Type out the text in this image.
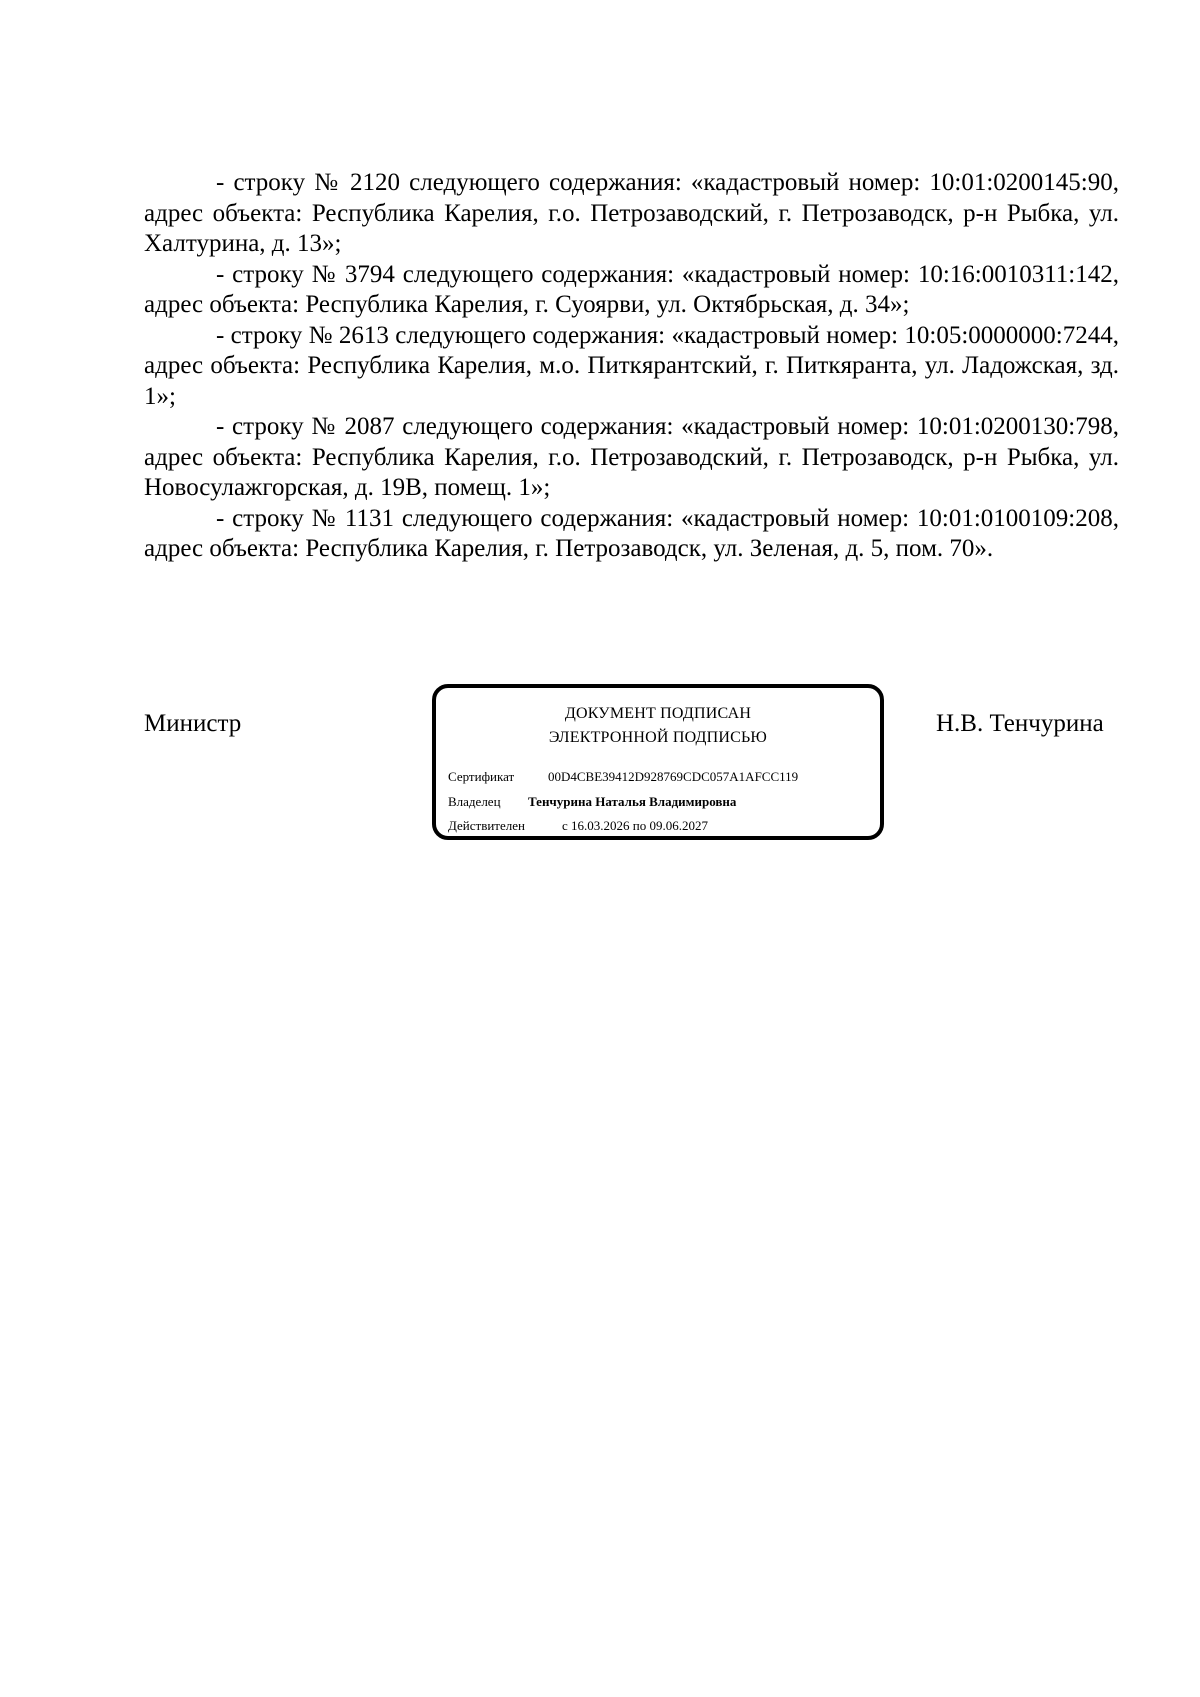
- строку № 2120 следующего содержания: «кадастровый номер: 10:01:0200145:90, адрес объекта: Республика Карелия, г.о. Петрозаводский, г. Петрозаводск, р-н Рыбка, ул. Халтурина, д. 13»;

- строку № 3794 следующего содержания: «кадастровый номер: 10:16:0010311:142, адрес объекта: Республика Карелия, г. Суоярви, ул. Октябрьская, д. 34»;

- строку № 2613 следующего содержания: «кадастровый номер: 10:05:0000000:7244, адрес объекта: Республика Карелия, м.о. Питкярантский, г. Питкяранта, ул. Ладожская, зд. 1»;

- строку № 2087 следующего содержания: «кадастровый номер: 10:01:0200130:798, адрес объекта: Республика Карелия, г.о. Петрозаводский, г. Петрозаводск, р-н Рыбка, ул. Новосулажгорская, д. 19В, помещ. 1»;

- строку № 1131 следующего содержания: «кадастровый номер: 10:01:0100109:208, адрес объекта: Республика Карелия, г. Петрозаводск, ул. Зеленая, д. 5, пом. 70».

Министр	ДОКУМЕНТ ПОДПИСАН
ЭЛЕКТРОННОЙ ПОДПИСЬЮ
Сертификат	00D4CBE39412D928769CDC057A1AFCC119
Владелец Тенчурина Наталья Владимировна
Действителен	с 16.03.2026 по 09.06.2027
Н.В. Тенчурина
